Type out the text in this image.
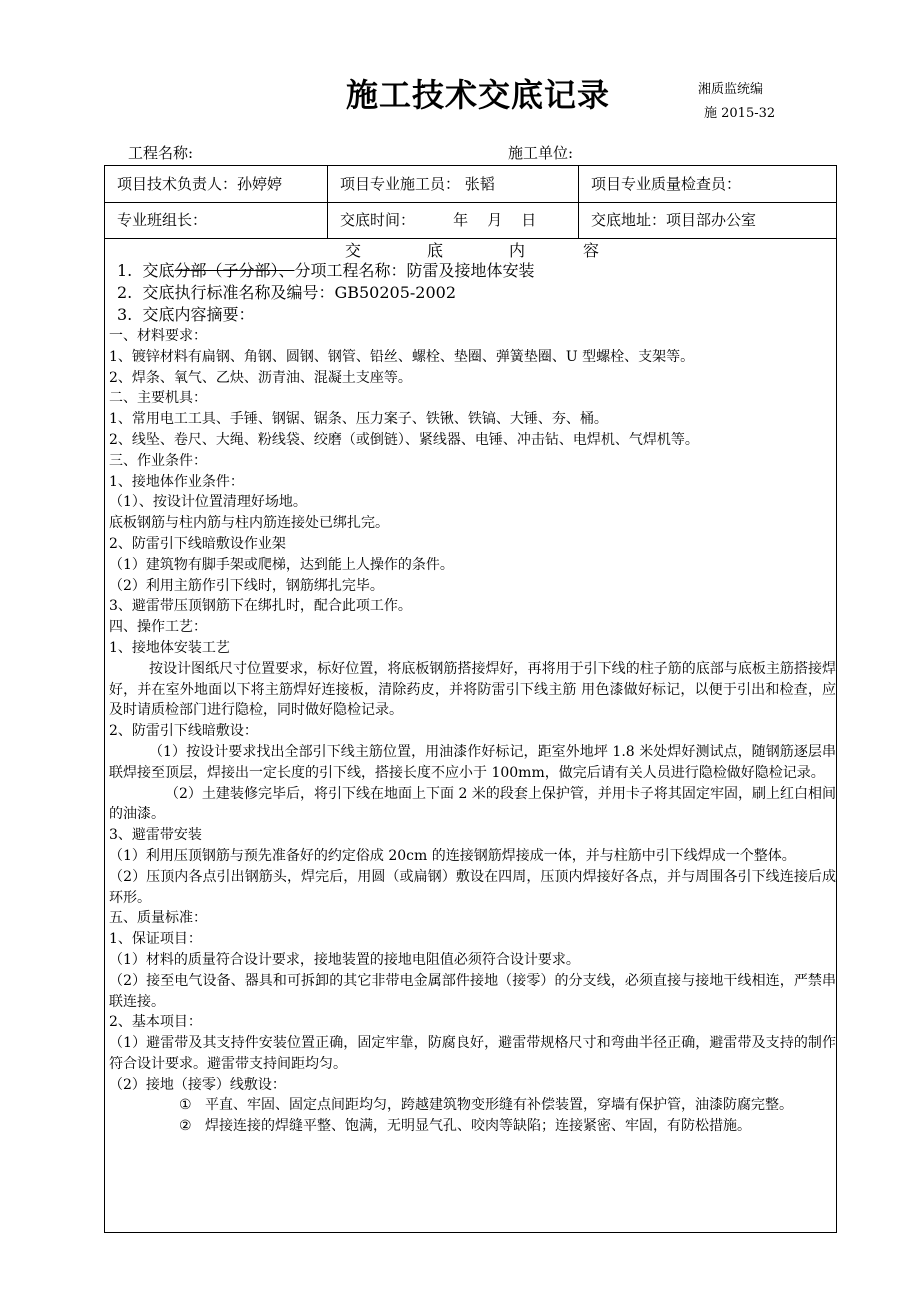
施工技术交底记录	湘质监统编
施 2015-32
工程名称:	施工单位:
项目技术负责人：孙婷婷	项目专业施工员： 张韬	项目专业质量检查员：
专业班组长：	交底时间：        年    月    日	交底地址：项目部办公室
交	底	内	容
1.  交底分部（子分部）、分项工程名称：防雷及接地体安装
2.  交底执行标准名称及编号：GB50205-2002
3.  交底内容摘要：
一、材料要求：
1、镀锌材料有扁钢、角钢、圆钢、钢管、铅丝、螺栓、垫圈、弹簧垫圈、U 型螺栓、支架等。
2、焊条、氧气、乙炔、沥青油、混凝土支座等。
二、主要机具：
1、常用电工工具、手锤、钢锯、锯条、压力案子、铁锹、铁镐、大锤、夯、桶。
2、线坠、卷尺、大绳、粉线袋、绞磨（或倒链）、紧线器、电锤、冲击钻、电焊机、气焊机等。
三、作业条件：
1、接地体作业条件：
（1）、按设计位置清理好场地。
底板钢筋与柱内筋与柱内筋连接处已绑扎完。
2、防雷引下线暗敷设作业架
（1）建筑物有脚手架或爬梯，达到能上人操作的条件。
（2）利用主筋作引下线时，钢筋绑扎完毕。
3、避雷带压顶钢筋下在绑扎时，配合此项工作。
四、操作工艺：
1、接地体安装工艺
按设计图纸尺寸位置要求，标好位置，将底板钢筋搭接焊好，再将用于引下线的柱子筋的底部与底板主筋搭接焊好，并在室外地面以下将主筋焊好连接板，清除药皮，并将防雷引下线主筋 用色漆做好标记，以便于引出和检查，应及时请质检部门进行隐检，同时做好隐检记录。
2、防雷引下线暗敷设：
（1）按设计要求找出全部引下线主筋位置，用油漆作好标记，距室外地坪 1.8 米处焊好测试点，随钢筋逐层串联焊接至顶层，焊接出一定长度的引下线，搭接长度不应小于 100mm，做完后请有关人员进行隐检做好隐检记录。
（2）土建装修完毕后，将引下线在地面上下面 2 米的段套上保护管，并用卡子将其固定牢固，刷上红白相间的油漆。
3、避雷带安装
（1）利用压顶钢筋与预先准备好的约定俗成 20cm 的连接钢筋焊接成一体，并与柱筋中引下线焊成一个整体。
（2）压顶内各点引出钢筋头，焊完后，用圆（或扁钢）敷设在四周，压顶内焊接好各点，并与周围各引下线连接后成环形。
五、质量标准：
1、保证项目：
（1）材料的质量符合设计要求，接地装置的接地电阻值必须符合设计要求。
（2）接至电气设备、器具和可拆卸的其它非带电金属部件接地（接零）的分支线，必须直接与接地干线相连，严禁串联连接。
2、基本项目：
（1）避雷带及其支持件安装位置正确，固定牢靠，防腐良好，避雷带规格尺寸和弯曲半径正确，避雷带及支持的制作符合设计要求。避雷带支持间距均匀。
（2）接地（接零）线敷设：
① 平直、牢固、固定点间距均匀，跨越建筑物变形缝有补偿装置，穿墙有保护管，油漆防腐完整。
② 焊接连接的焊缝平整、饱满，无明显气孔、咬肉等缺陷；连接紧密、牢固，有防松措施。
